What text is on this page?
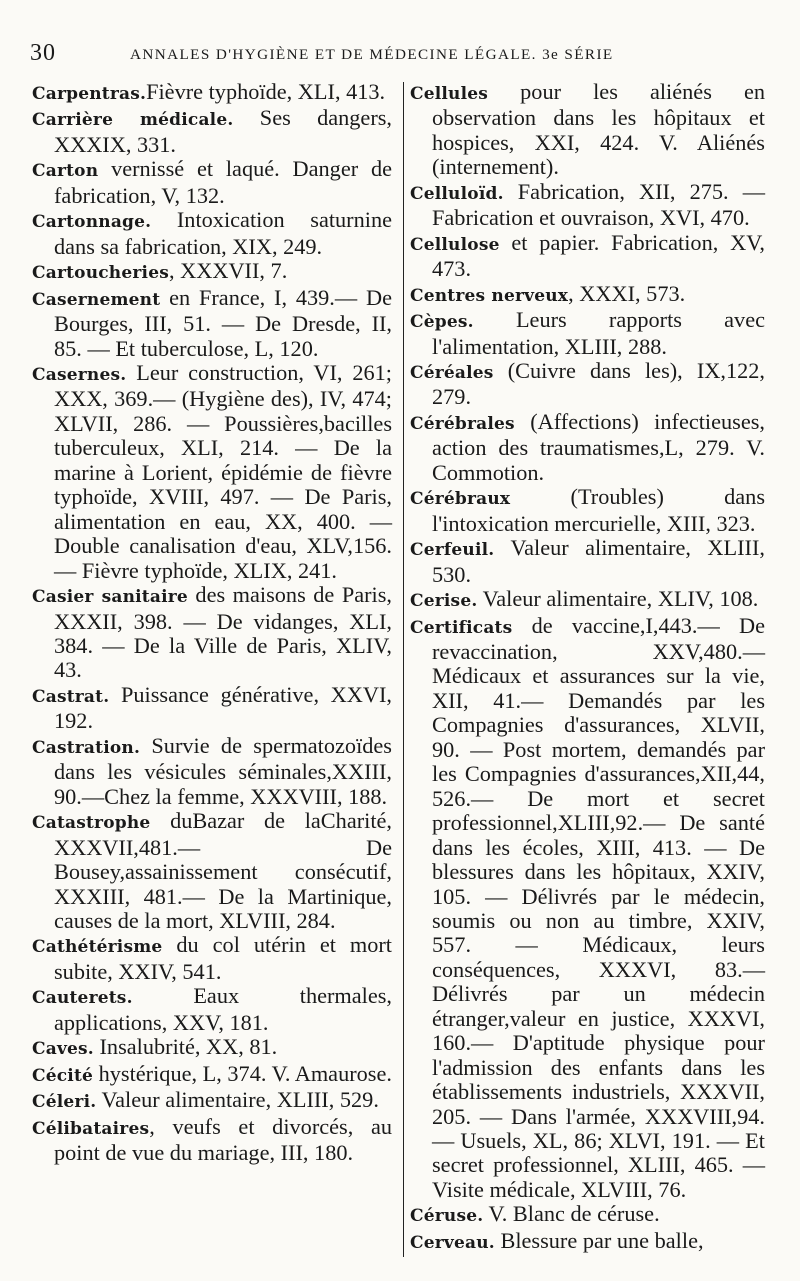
30	ANNALES D'HYGIÈNE ET DE MÉDECINE LÉGALE. 3e SÉRIE

Carpentras.Fièvre typhoïde, XLI, 413.

Carrière médicale. Ses dangers, XXXIX, 331.

Carton vernissé et laqué. Danger de fabrication, V, 132.

Cartonnage. Intoxication saturnine dans sa fabrication, XIX, 249.

Cartoucheries, XXXVII, 7.

Casernement en France, I, 439.— De Bourges, III, 51. — De Dresde, II, 85. — Et tuberculose, L, 120.

Casernes. Leur construction, VI, 261; XXX, 369.— (Hygiène des), IV, 474; XLVII, 286. — Poussières,bacilles tuberculeux, XLI, 214. — De la marine à Lorient, épidémie de fièvre typhoïde, XVIII, 497. — De Paris, alimentation en eau, XX, 400. — Double canalisation d'eau, XLV,156. — Fièvre typhoïde, XLIX, 241.

Casier sanitaire des maisons de Paris, XXXII, 398. — De vidanges, XLI, 384. — De la Ville de Paris, XLIV, 43.

Castrat. Puissance générative, XXVI, 192.

Castration. Survie de spermatozoïdes dans les vésicules séminales,XXIII, 90.—Chez la femme, XXXVIII, 188.

Catastrophe duBazar de laCharité, XXXVII,481.— De Bousey,assainissement consécutif, XXXIII, 481.— De la Martinique, causes de la mort, XLVIII, 284.

Cathétérisme du col utérin et mort subite, XXIV, 541.

Cauterets. Eaux thermales, applications, XXV, 181.

Caves. Insalubrité, XX, 81.

Cécité hystérique, L, 374. V. Amaurose.

Céleri. Valeur alimentaire, XLIII, 529.

Célibataires, veufs et divorcés, au point de vue du mariage, III, 180.

Cellules pour les aliénés en observation dans les hôpitaux et hospices, XXI, 424. V. Aliénés (internement).

Celluloïd. Fabrication, XII, 275. — Fabrication et ouvraison, XVI, 470.

Cellulose et papier. Fabrication, XV, 473.

Centres nerveux, XXXI, 573.

Cèpes. Leurs rapports avec l'alimentation, XLIII, 288.

Céréales (Cuivre dans les), IX,122, 279.

Cérébrales (Affections) infectieuses, action des traumatismes,L, 279. V. Commotion.

Cérébraux (Troubles) dans l'intoxication mercurielle, XIII, 323.

Cerfeuil. Valeur alimentaire, XLIII, 530.

Cerise. Valeur alimentaire, XLIV, 108.

Certificats de vaccine,I,443.— De revaccination, XXV,480.— Médicaux et assurances sur la vie, XII, 41.— Demandés par les Compagnies d'assurances, XLVII, 90. — Post mortem, demandés par les Compagnies d'assurances,XII,44, 526.— De mort et secret professionnel,XLIII,92.— De santé dans les écoles, XIII, 413. — De blessures dans les hôpitaux, XXIV, 105. — Délivrés par le médecin, soumis ou non au timbre, XXIV, 557. — Médicaux, leurs conséquences, XXXVI, 83.— Délivrés par un médecin étranger,valeur en justice, XXXVI, 160.— D'aptitude physique pour l'admission des enfants dans les établissements industriels, XXXVII, 205. — Dans l'armée, XXXVIII,94. — Usuels, XL, 86; XLVI, 191. — Et secret professionnel, XLIII, 465. — Visite médicale, XLVIII, 76.

Céruse. V. Blanc de céruse.

Cerveau. Blessure par une balle,
